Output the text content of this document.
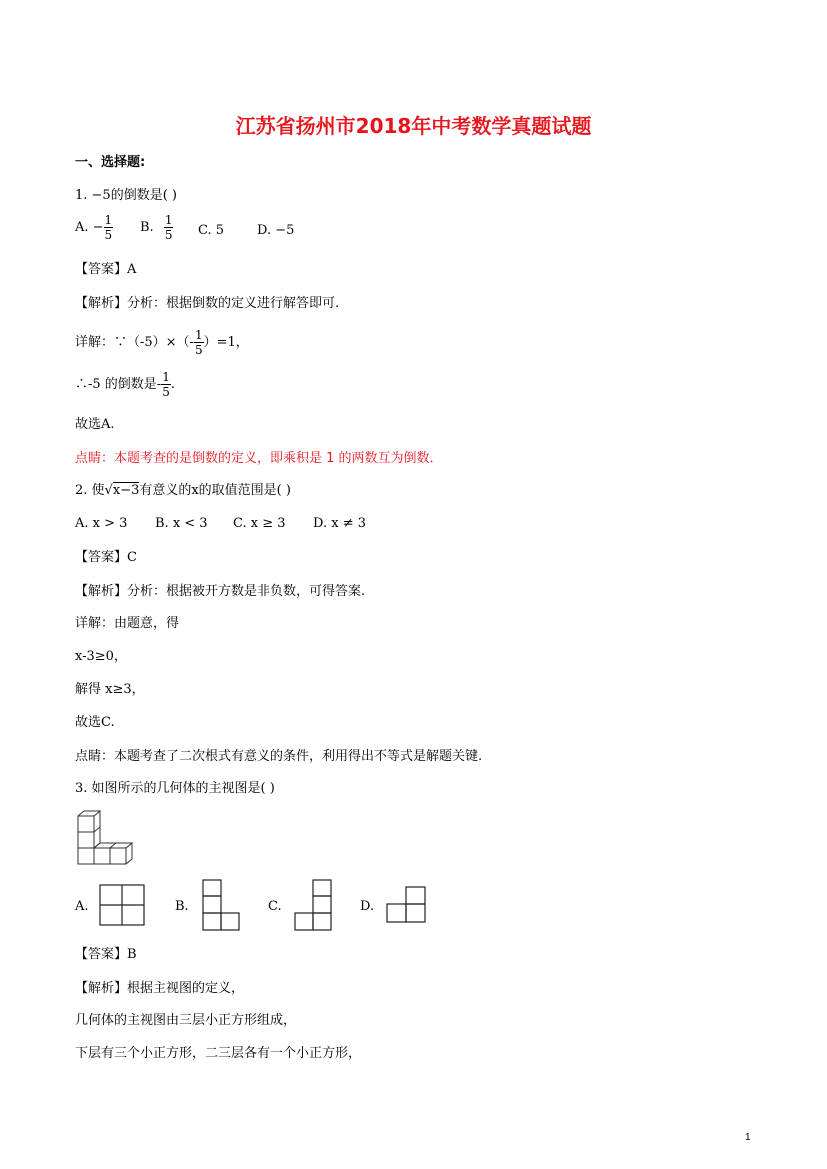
江苏省扬州市2018年中考数学真题试题
一、选择题:
1. −5的倒数是( )
A. − $\frac{1}{5} B$. $\frac{1}{5} C$. 5	D. −5
【答案】A
【解析】分析：根据倒数的定义进行解答即可.
详解：∵（-5）×（- $\frac{1}{5} )=1$，
∴-5 的倒数是- $\frac{1}{5}$ .
故选A.
点睛：本题考查的是倒数的定义，即乘积是 1 的两数互为倒数．
2. 使√x−3有意义的x的取值范围是( )
A. x > 3 B. x < 3 C. x ≥ 3 D. x ≠ 3
【答案】C
【解析】分析：根据被开方数是非负数，可得答案.
详解：由题意，得
x-3≥0，
解得 x≥3，
故选C.
点睛：本题考查了二次根式有意义的条件，利用得出不等式是解题关键.
3. 如图所示的几何体的主视图是( )
A.	B.	C.	D.
【答案】B
【解析】根据主视图的定义，
几何体的主视图由三层小正方形组成，
下层有三个小正方形，二三层各有一个小正方形，
1
